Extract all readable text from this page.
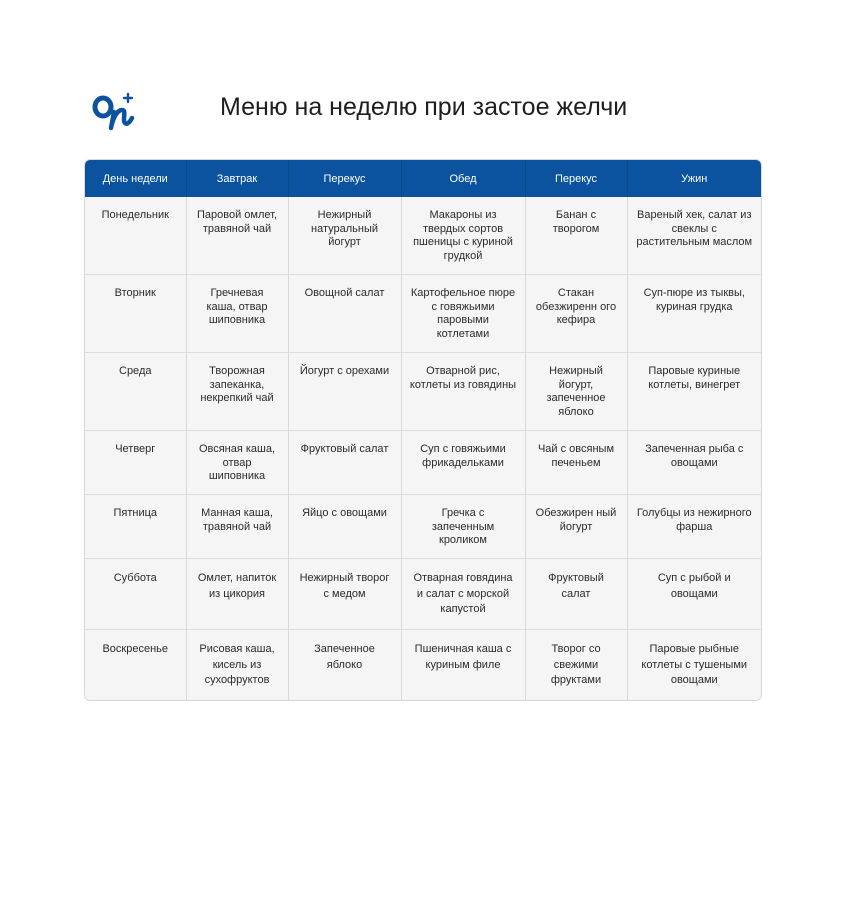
Меню на неделю при застое желчи
День недели	Завтрак	Перекус	Обед	Перекус	Ужин
Понедельник	Паровой омлет, травяной чай	Нежирный натуральный йогурт	Макароны из твердых сортов пшеницы с куриной грудкой	Банан с творогом	Вареный хек, салат из свеклы с растительным маслом
Вторник	Гречневая каша, отвар шиповника	Овощной салат	Картофельное пюре с говяжьими паровыми котлетами	Стакан обезжиренн ого кефира	Суп-пюре из тыквы, куриная грудка
Среда	Творожная запеканка, некрепкий чай	Йогурт с орехами	Отварной рис, котлеты из говядины	Нежирный йогурт, запеченное яблоко	Паровые куриные котлеты, винегрет
Четверг	Овсяная каша, отвар шиповника	Фруктовый салат	Суп с говяжьими фрикадельками	Чай с овсяным печеньем	Запеченная рыба с овощами
Пятница	Манная каша, травяной чай	Яйцо с овощами	Гречка с запеченным кроликом	Обезжирен ный йогурт	Голубцы из нежирного фарша
Суббота	Омлет, напиток из цикория	Нежирный творог с медом	Отварная говядина и салат с морской капустой	Фруктовый салат	Суп с рыбой и овощами
Воскресенье	Рисовая каша, кисель из сухофруктов	Запеченное яблоко	Пшеничная каша с куриным филе	Творог со свежими фруктами	Паровые рыбные котлеты с тушеными овощами
